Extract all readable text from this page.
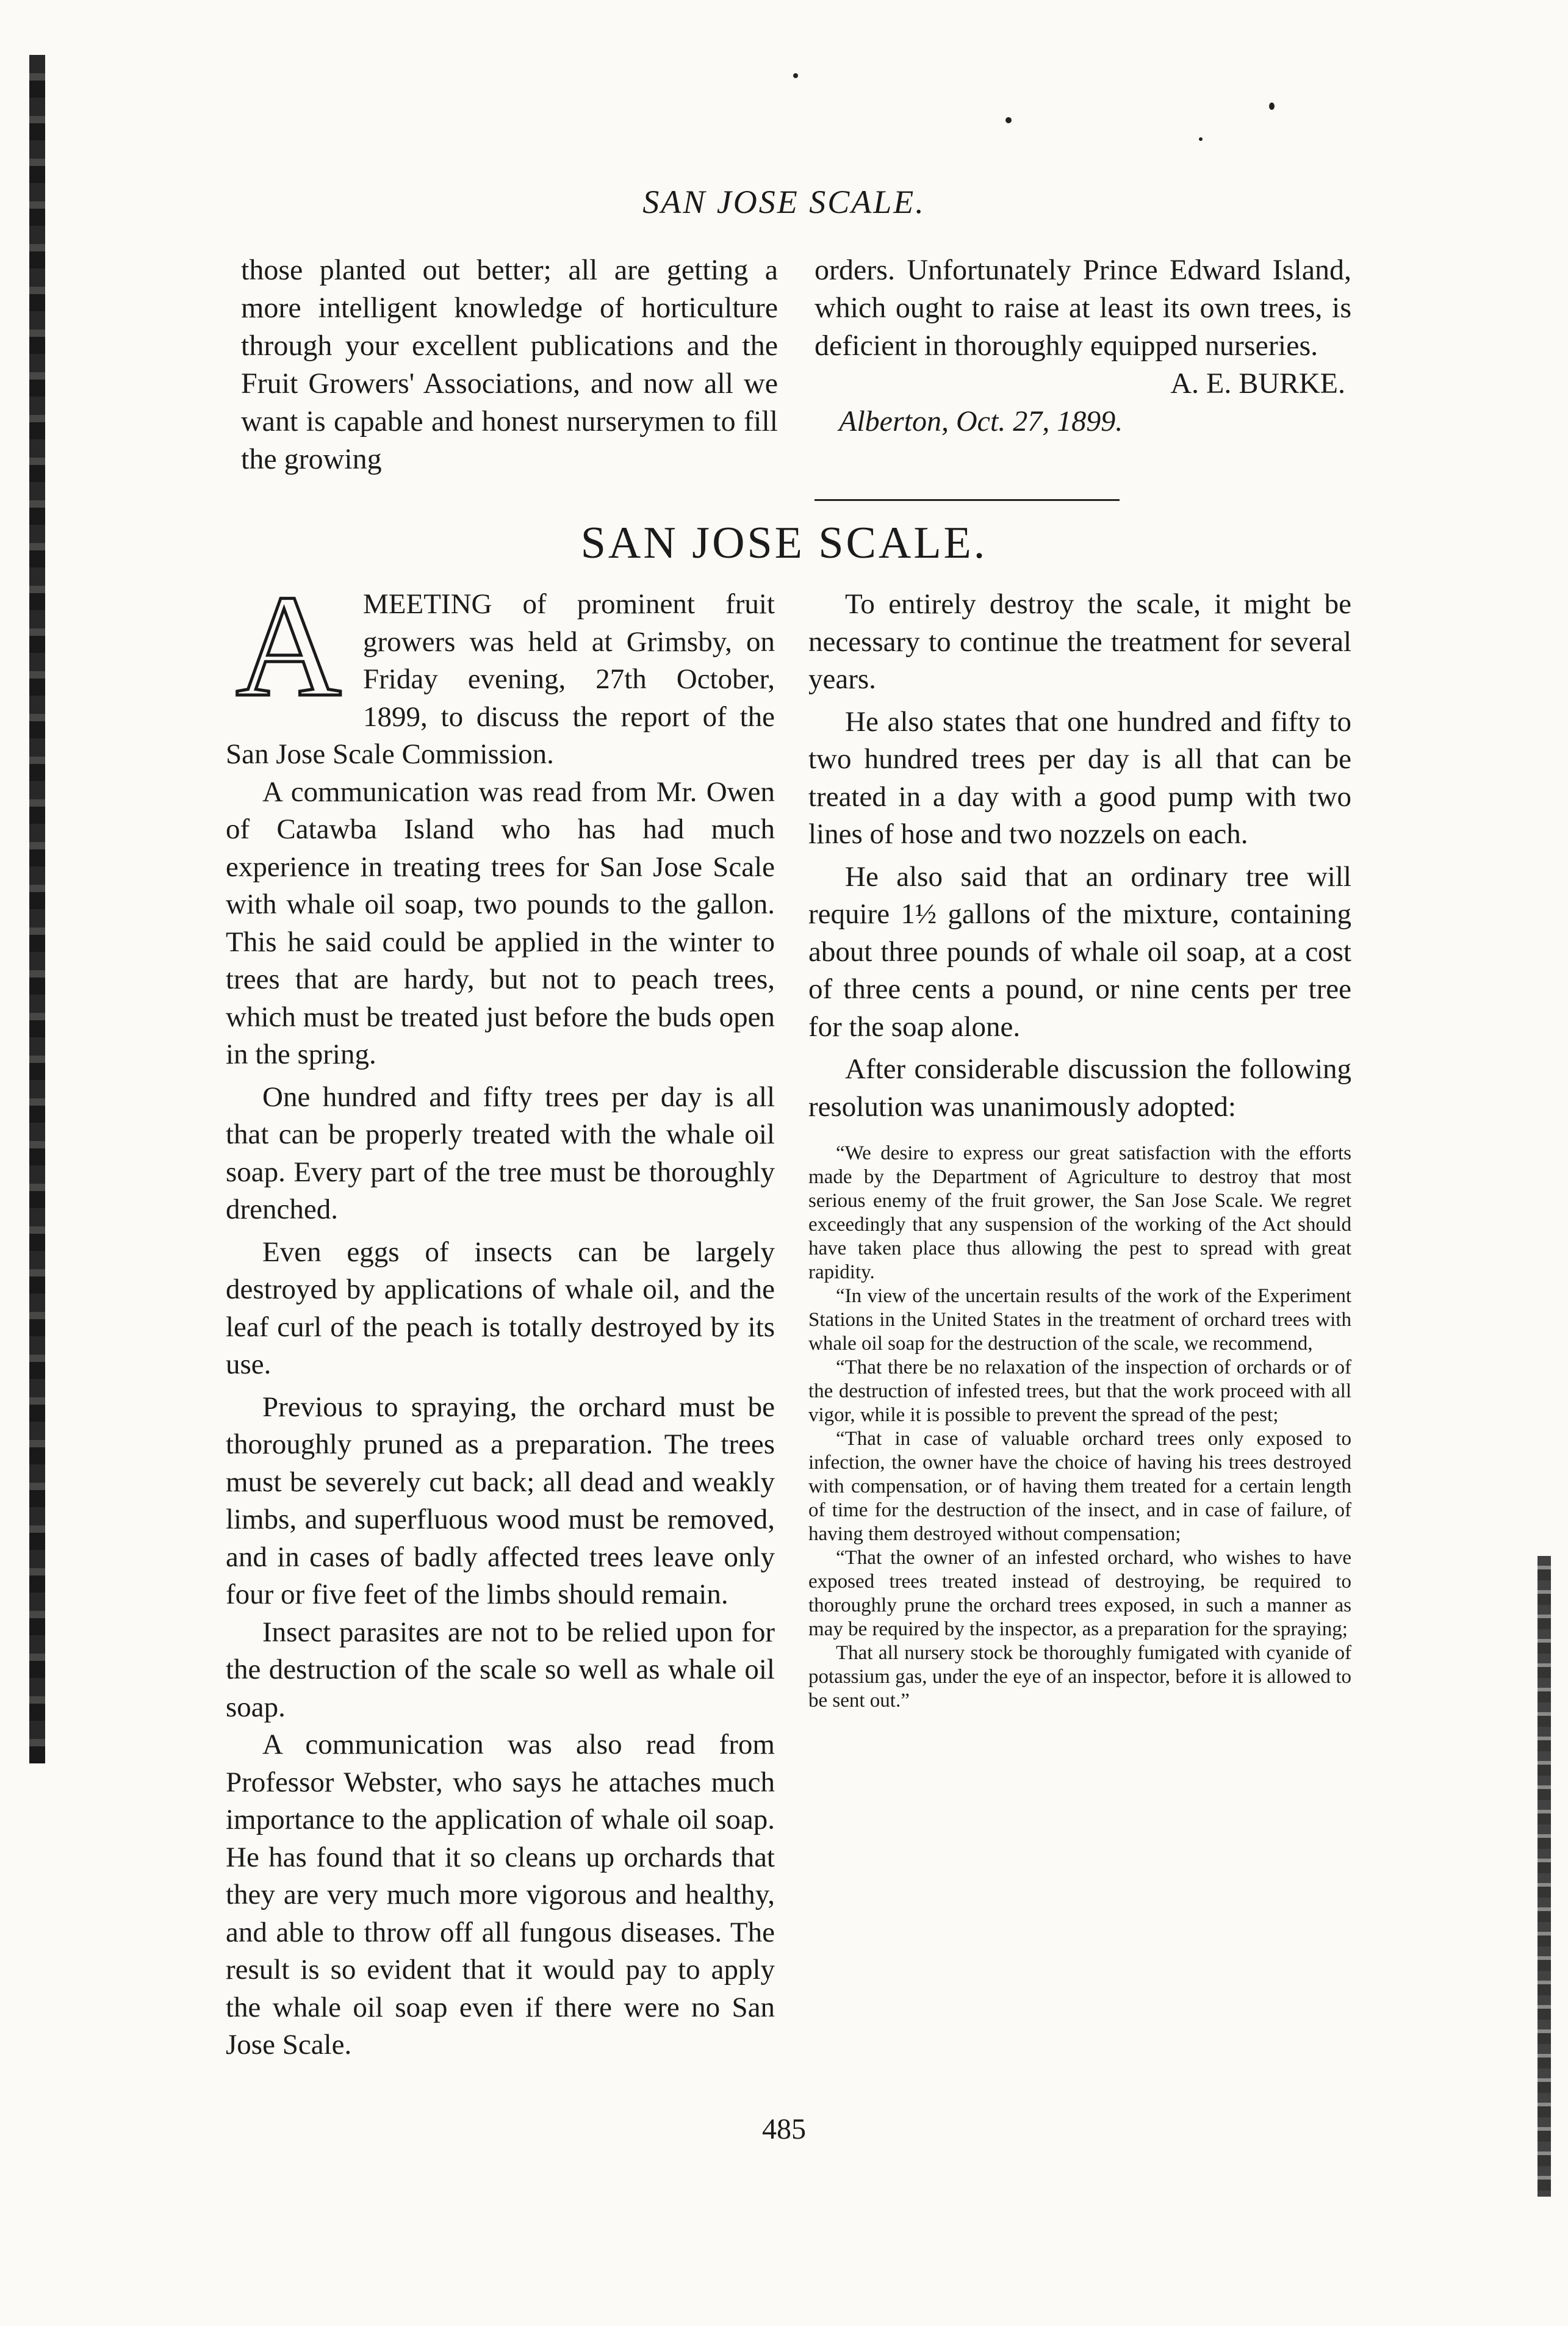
SAN JOSE SCALE.

those planted out better; all are getting a more intelligent knowledge of horticulture through your excellent publications and the Fruit Growers' Associations, and now all we want is capable and honest nurserymen to fill the growing

orders. Unfortunately Prince Edward Island, which ought to raise at least its own trees, is deficient in thoroughly equipped nurseries.

A. E. BURKE.

Alberton, Oct. 27, 1899.

SAN JOSE SCALE.

A MEETING of prominent fruit growers was held at Grimsby, on Friday evening, 27th October, 1899, to discuss the report of the San Jose Scale Commission.

A communication was read from Mr. Owen of Catawba Island who has had much experience in treating trees for San Jose Scale with whale oil soap, two pounds to the gallon. This he said could be applied in the winter to trees that are hardy, but not to peach trees, which must be treated just before the buds open in the spring.

One hundred and fifty trees per day is all that can be properly treated with the whale oil soap. Every part of the tree must be thoroughly drenched.

Even eggs of insects can be largely destroyed by applications of whale oil, and the leaf curl of the peach is totally destroyed by its use.

Previous to spraying, the orchard must be thoroughly pruned as a preparation. The trees must be severely cut back; all dead and weakly limbs, and superfluous wood must be removed, and in cases of badly affected trees leave only four or five feet of the limbs should remain.

Insect parasites are not to be relied upon for the destruction of the scale so well as whale oil soap.

A communication was also read from Professor Webster, who says he attaches much importance to the application of whale oil soap. He has found that it so cleans up orchards that they are very much more vigorous and healthy, and able to throw off all fungous diseases. The result is so evident that it would pay to apply the whale oil soap even if there were no San Jose Scale.

To entirely destroy the scale, it might be necessary to continue the treatment for several years.

He also states that one hundred and fifty to two hundred trees per day is all that can be treated in a day with a good pump with two lines of hose and two nozzels on each.

He also said that an ordinary tree will require 1½ gallons of the mixture, containing about three pounds of whale oil soap, at a cost of three cents a pound, or nine cents per tree for the soap alone.

After considerable discussion the following resolution was unanimously adopted:

“We desire to express our great satisfaction with the efforts made by the Department of Agriculture to destroy that most serious enemy of the fruit grower, the San Jose Scale. We regret exceedingly that any suspension of the working of the Act should have taken place thus allowing the pest to spread with great rapidity.

“In view of the uncertain results of the work of the Experiment Stations in the United States in the treatment of orchard trees with whale oil soap for the destruction of the scale, we recommend,

“That there be no relaxation of the inspection of orchards or of the destruction of infested trees, but that the work proceed with all vigor, while it is possible to prevent the spread of the pest;

“That in case of valuable orchard trees only exposed to infection, the owner have the choice of having his trees destroyed with compensation, or of having them treated for a certain length of time for the destruction of the insect, and in case of failure, of having them destroyed without compensation;

“That the owner of an infested orchard, who wishes to have exposed trees treated instead of destroying, be required to thoroughly prune the orchard trees exposed, in such a manner as may be required by the inspector, as a preparation for the spraying;

That all nursery stock be thoroughly fumigated with cyanide of potassium gas, under the eye of an inspector, before it is allowed to be sent out.”

485
